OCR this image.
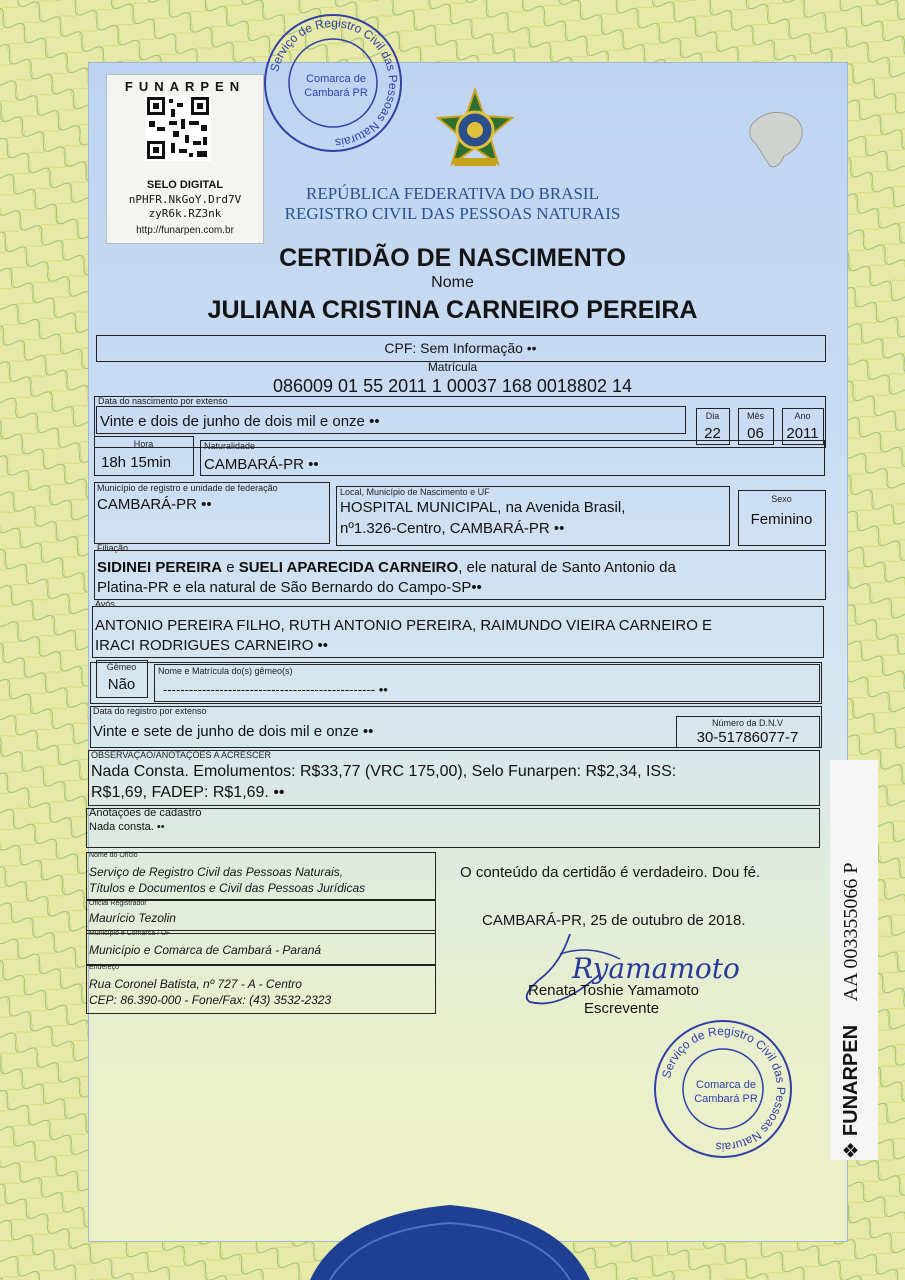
FUNARPEN
SELO DIGITAL
nPHFR.NkGoY.Drd7V
zyR6k.RZ3nk
http://funarpen.com.br
Serviço de Registro Civil das Pessoas Naturais
Comarca de
Cambará PR
REPÚBLICA FEDERATIVA DO BRASIL
REGISTRO CIVIL DAS PESSOAS NATURAIS
CERTIDÃO DE NASCIMENTO
Nome
JULIANA CRISTINA CARNEIRO PEREIRA
CPF: Sem Informação ••
Matrícula
086009 01 55 2011 1 00037 168 0018802 14
Data do nascimento por extenso
Vinte e dois de junho de dois mil e onze ••	Dia
22
Mês
06
Ano
2011
Hora
18h 15min
Naturalidade
CAMBARÁ-PR ••
Município de registro e unidade de federação
CAMBARÁ-PR ••
Local, Município de Nascimento e UF
HOSPITAL MUNICIPAL, na Avenida Brasil,
nº1.326-Centro, CAMBARÁ-PR ••
Sexo
Feminino
Filiação
SIDINEI PEREIRA e SUELI APARECIDA CARNEIRO, ele natural de Santo Antonio da
Platina-PR e ela natural de São Bernardo do Campo-SP••
Avós
ANTONIO PEREIRA FILHO, RUTH ANTONIO PEREIRA, RAIMUNDO VIEIRA CARNEIRO E
IRACI RODRIGUES CARNEIRO ••
Gêmeo
Não
Nome e Matrícula do(s) gêmeo(s)
------------------------------------------------- ••
Data do registro por extenso
Vinte e sete de junho de dois mil e onze ••	Número da D.N.V
30-51786077-7
OBSERVAÇÃO/ANOTAÇÕES A ACRESCER
Nada Consta. Emolumentos: R$33,77 (VRC 175,00), Selo Funarpen: R$2,34, ISS:
R$1,69, FADEP: R$1,69. ••
Anotações de cadastro
Nada consta. ••
Nome do Ofício
Serviço de Registro Civil das Pessoas Naturais,
Títulos e Documentos e Civil das Pessoas Jurídicas
Oficial Registrador
Maurício Tezolin
Município e Comarca / UF
Município e Comarca de Cambará - Paraná
Endereço
Rua Coronel Batista, nº 727 - A - Centro
CEP: 86.390-000 - Fone/Fax: (43) 3532-2323
O conteúdo da certidão é verdadeiro. Dou fé.
CAMBARÁ-PR, 25 de outubro de 2018.
Ryamamoto
Renata Toshie Yamamoto
Escrevente
Serviço de Registro Civil das Pessoas Naturais
Comarca de
Cambará PR
❖FUNARPEN AA 003355066 P
